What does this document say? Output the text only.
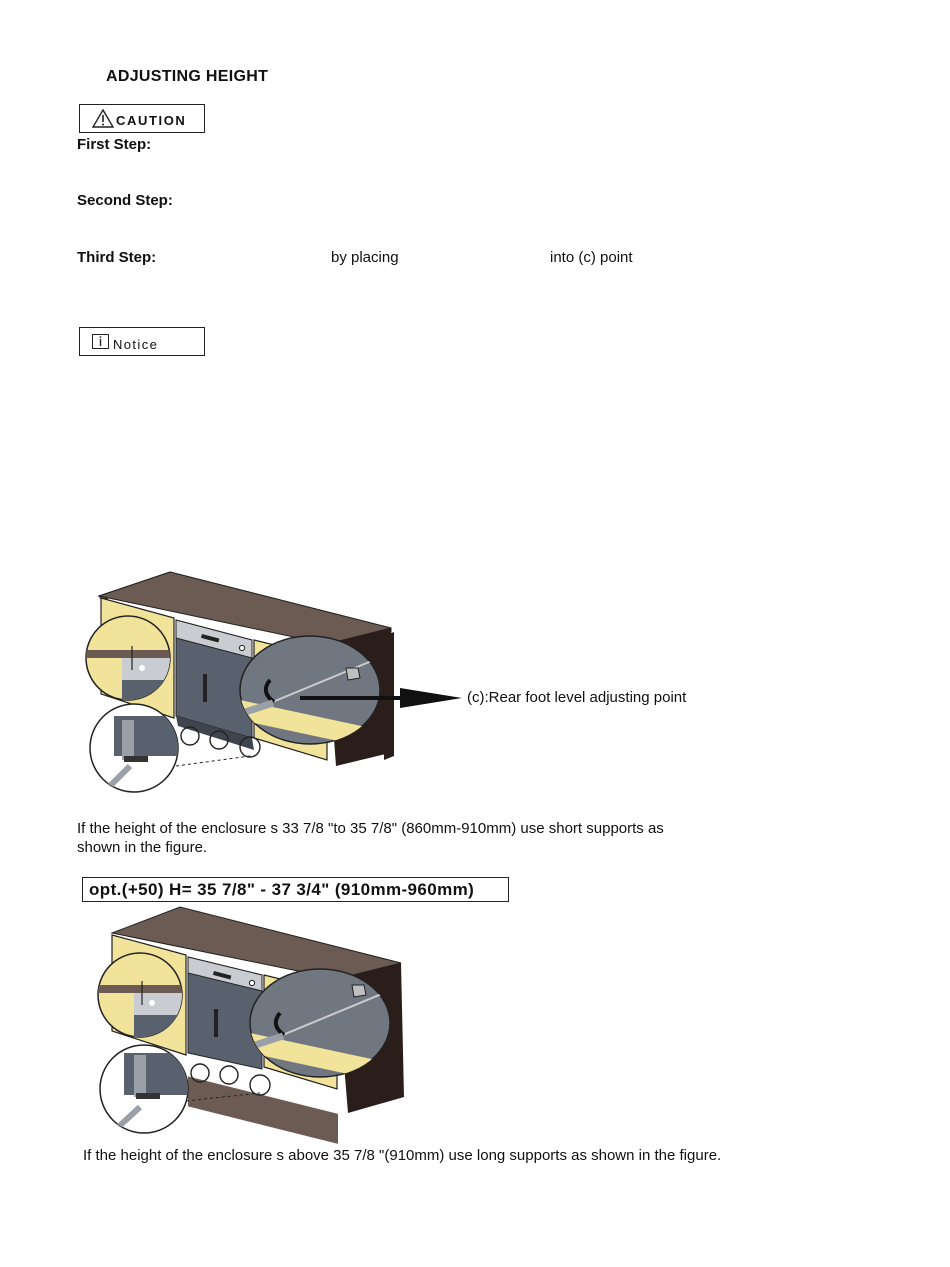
ADJUSTING HEIGHT
CAUTION
First Step:
Second Step:
Third Step:	by placing	into (c) point
Notice
(c):Rear foot level adjusting point
If the height of the enclosure s 33 7/8 "to 35 7/8" (860mm-910mm) use short supports as
shown in the figure.
opt.(+50) H= 35 7/8" - 37 3/4" (910mm-960mm)
If the height of the enclosure s above 35 7/8 "(910mm) use long supports as shown in the figure.
